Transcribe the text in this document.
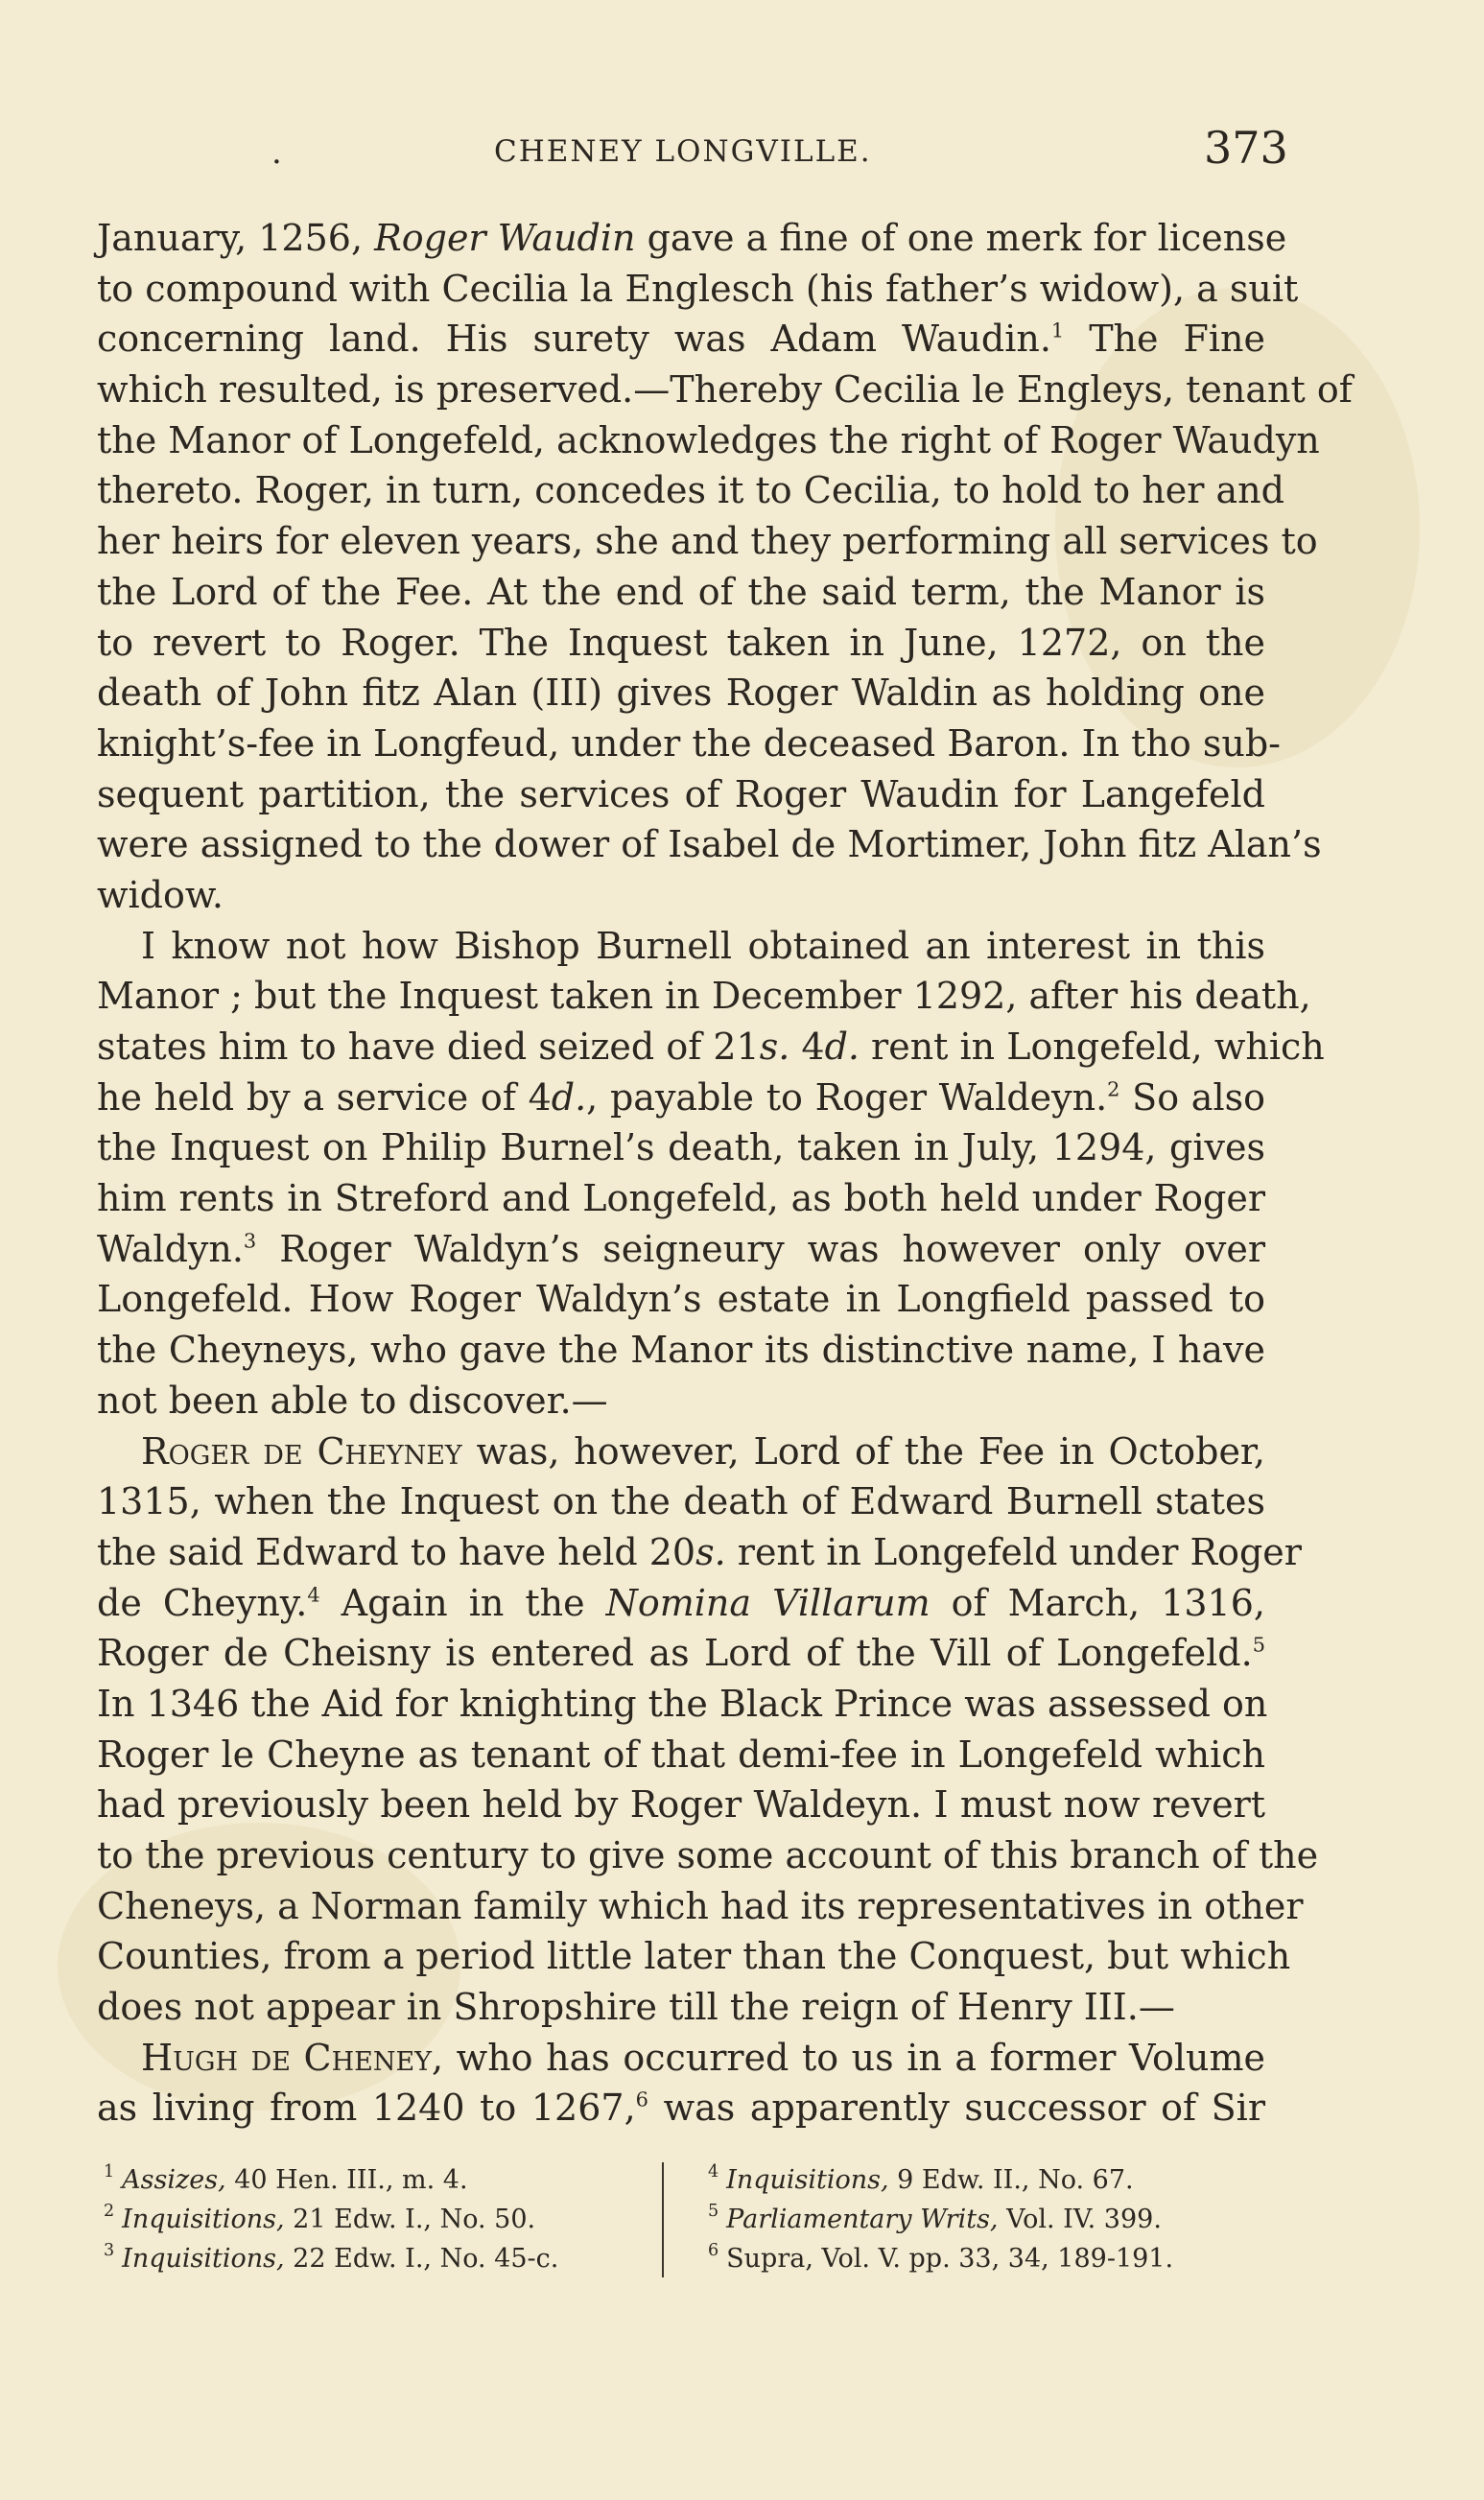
.	CHENEY LONGVILLE.	373
January, 1256, Roger Waudin gave a fine of one merk for license
to compound with Cecilia la Englesch (his father’s widow), a suit
concerning land. His surety was Adam Waudin.$^1$ The Fine
which resulted, is preserved.—Thereby Cecilia le Engleys, tenant of
the Manor of Longefeld, acknowledges the right of Roger Waudyn
thereto. Roger, in turn, concedes it to Cecilia, to hold to her and
her heirs for eleven years, she and they performing all services to
the Lord of the Fee. At the end of the said term, the Manor is
to revert to Roger. The Inquest taken in June, 1272, on the
death of John fitz Alan (III) gives Roger Waldin as holding one
knight’s-fee in Longfeud, under the deceased Baron. In tho sub-
sequent partition, the services of Roger Waudin for Langefeld
were assigned to the dower of Isabel de Mortimer, John fitz Alan’s
widow.
I know not how Bishop Burnell obtained an interest in this
Manor ; but the Inquest taken in December 1292, after his death,
states him to have died seized of 21s. 4d. rent in Longefeld, which
he held by a service of 4d., payable to Roger Waldeyn.$^2$ So also
the Inquest on Philip Burnel’s death, taken in July, 1294, gives
him rents in Streford and Longefeld, as both held under Roger
Waldyn.$^3$ Roger Waldyn’s seigneury was however only over
Longefeld. How Roger Waldyn’s estate in Longfield passed to
the Cheyneys, who gave the Manor its distinctive name, I have
not been able to discover.—
Roger de Cheyney was, however, Lord of the Fee in October,
1315, when the Inquest on the death of Edward Burnell states
the said Edward to have held 20s. rent in Longefeld under Roger
de Cheyny.$^4$ Again in the Nomina Villarum of March, 1316,
Roger de Cheisny is entered as Lord of the Vill of Longefeld.$^5$
In 1346 the Aid for knighting the Black Prince was assessed on
Roger le Cheyne as tenant of that demi-fee in Longefeld which
had previously been held by Roger Waldeyn. I must now revert
to the previous century to give some account of this branch of the
Cheneys, a Norman family which had its representatives in other
Counties, from a period little later than the Conquest, but which
does not appear in Shropshire till the reign of Henry III.—
Hugh de Cheney, who has occurred to us in a former Volume
as living from 1240 to 1267,$^6$ was apparently successor of Sir
$^1$ Assizes, 40 Hen. III., m. 4.
$^2$ Inquisitions, 21 Edw. I., No. 50.
$^3$ Inquisitions, 22 Edw. I., No. 45-c.
$^4$ Inquisitions, 9 Edw. II., No. 67.
$^5$ Parliamentary Writs, Vol. IV. 399.
$^6$ Supra, Vol. V. pp. 33, 34, 189-191.
